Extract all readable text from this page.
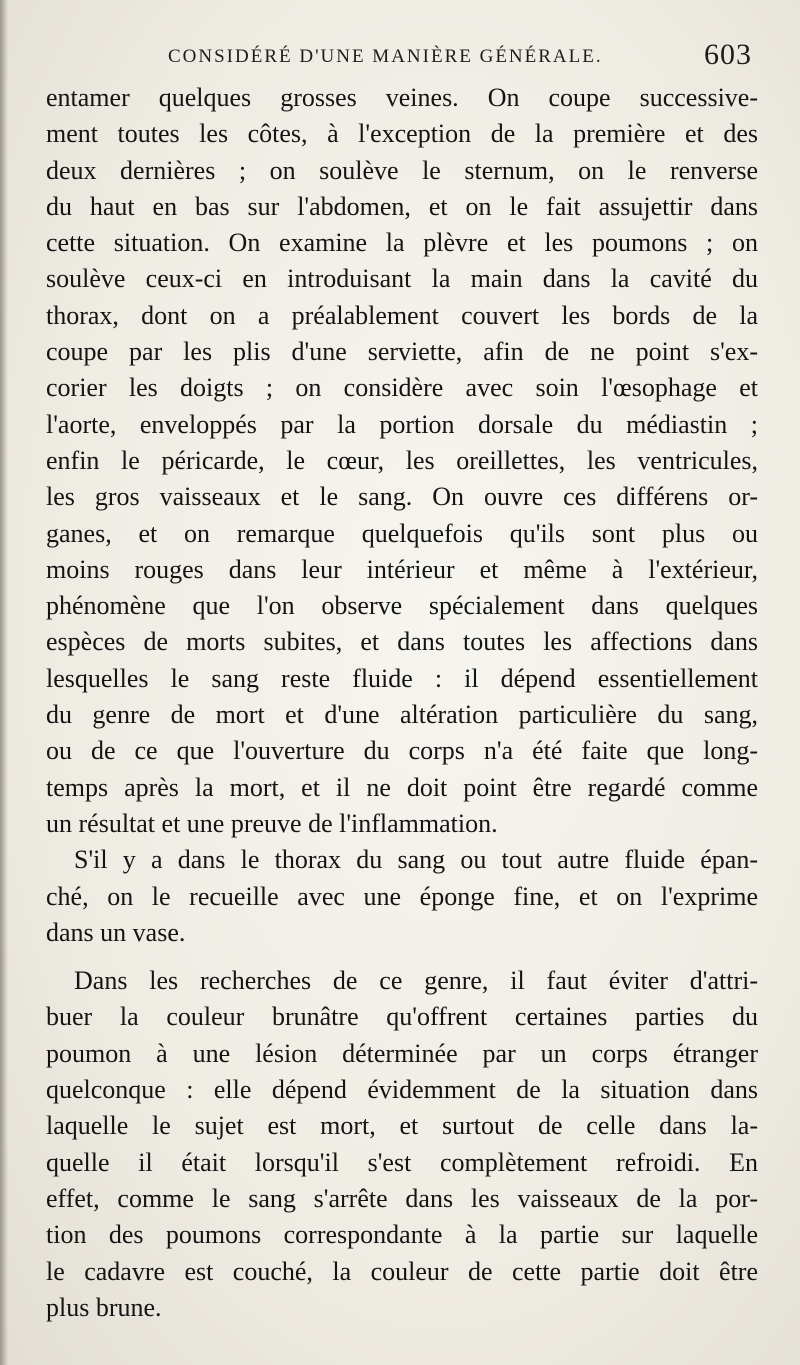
CONSIDÉRÉ D'UNE MANIÈRE GÉNÉRALE.	603
entamer quelques grosses veines. On coupe successive-
ment toutes les côtes, à l'exception de la première et des
deux dernières ; on soulève le sternum, on le renverse
du haut en bas sur l'abdomen, et on le fait assujettir dans
cette situation. On examine la plèvre et les poumons ; on
soulève ceux-ci en introduisant la main dans la cavité du
thorax, dont on a préalablement couvert les bords de la
coupe par les plis d'une serviette, afin de ne point s'ex-
corier les doigts ; on considère avec soin l'œsophage et
l'aorte, enveloppés par la portion dorsale du médiastin ;
enfin le péricarde, le cœur, les oreillettes, les ventricules,
les gros vaisseaux et le sang. On ouvre ces différens or-
ganes, et on remarque quelquefois qu'ils sont plus ou
moins rouges dans leur intérieur et même à l'extérieur,
phénomène que l'on observe spécialement dans quelques
espèces de morts subites, et dans toutes les affections dans
lesquelles le sang reste fluide : il dépend essentiellement
du genre de mort et d'une altération particulière du sang,
ou de ce que l'ouverture du corps n'a été faite que long-
temps après la mort, et il ne doit point être regardé comme
un résultat et une preuve de l'inflammation.
S'il y a dans le thorax du sang ou tout autre fluide épan-
ché, on le recueille avec une éponge fine, et on l'exprime
dans un vase.
Dans les recherches de ce genre, il faut éviter d'attri-
buer la couleur brunâtre qu'offrent certaines parties du
poumon à une lésion déterminée par un corps étranger
quelconque : elle dépend évidemment de la situation dans
laquelle le sujet est mort, et surtout de celle dans la-
quelle il était lorsqu'il s'est complètement refroidi. En
effet, comme le sang s'arrête dans les vaisseaux de la por-
tion des poumons correspondante à la partie sur laquelle
le cadavre est couché, la couleur de cette partie doit être
plus brune.
